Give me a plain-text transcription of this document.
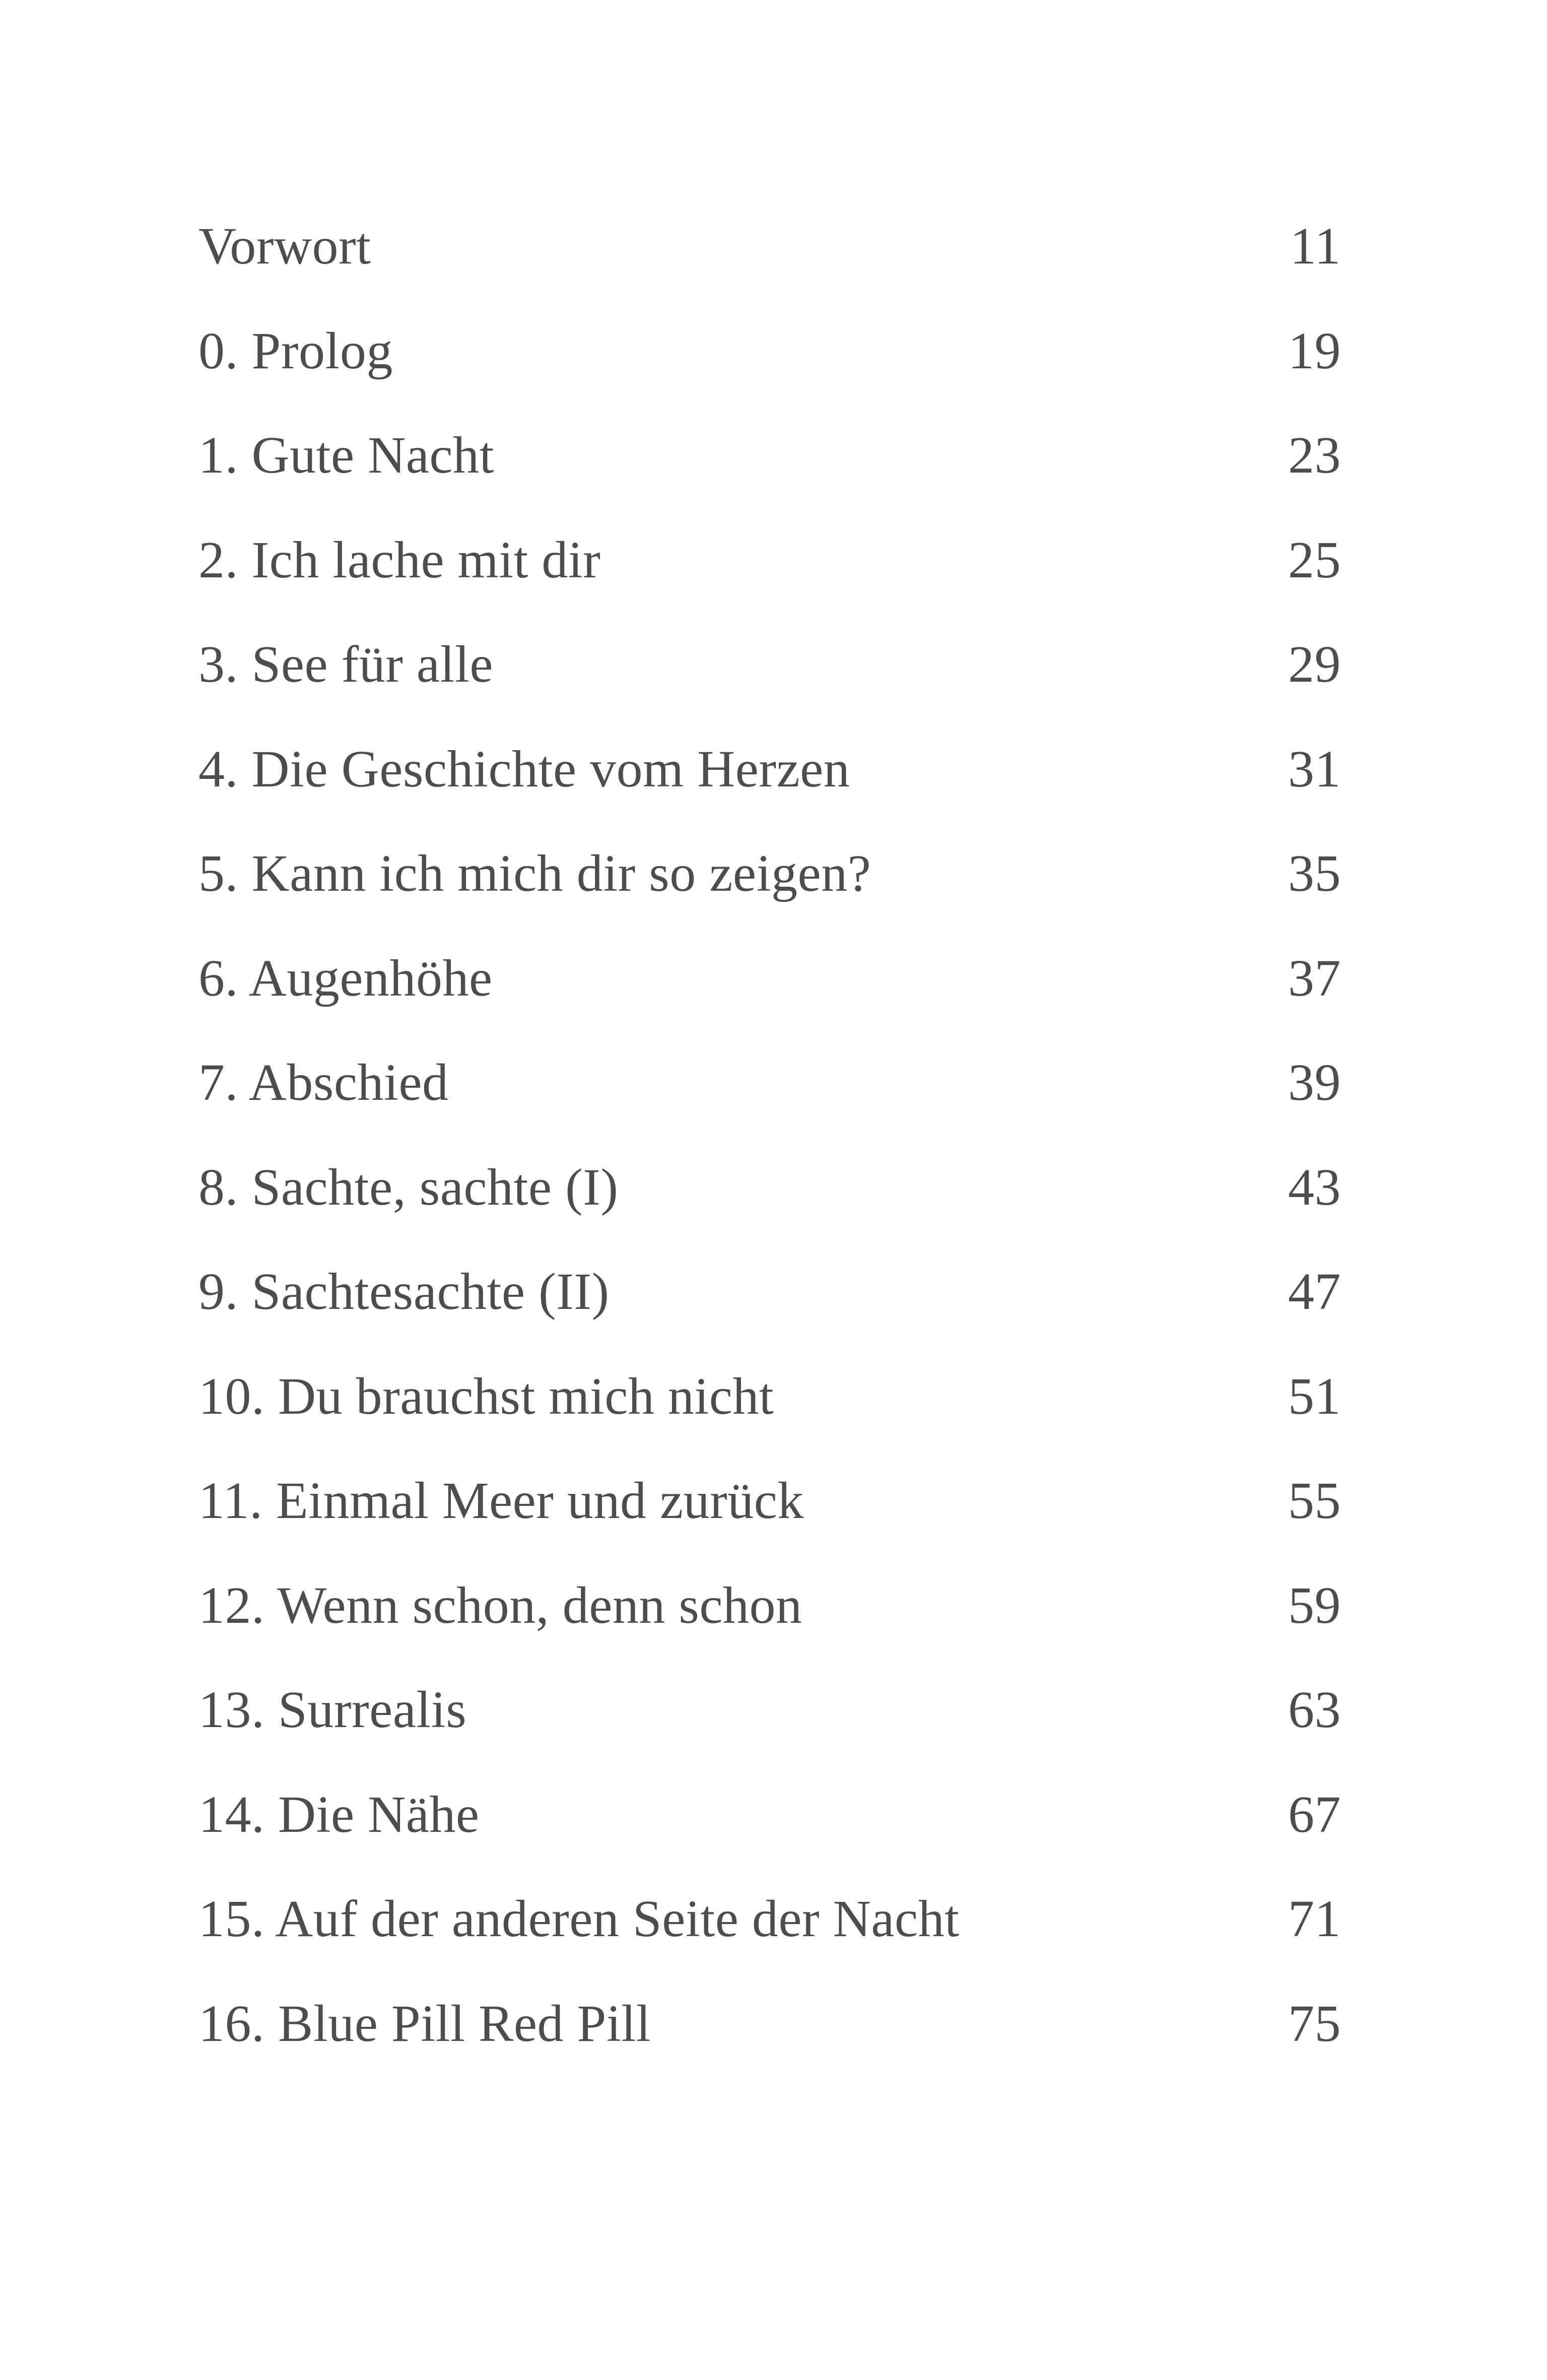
Vorwort	11
0. Prolog	19
1. Gute Nacht	23
2. Ich lache mit dir	25
3. See für alle	29
4. Die Geschichte vom Herzen	31
5. Kann ich mich dir so zeigen?	35
6. Augenhöhe	37
7. Abschied	39
8. Sachte, sachte (I)	43
9. Sachtesachte (II)	47
10. Du brauchst mich nicht	51
11. Einmal Meer und zurück	55
12. Wenn schon, denn schon	59
13. Surrealis	63
14. Die Nähe	67
15. Auf der anderen Seite der Nacht	71
16. Blue Pill Red Pill	75
